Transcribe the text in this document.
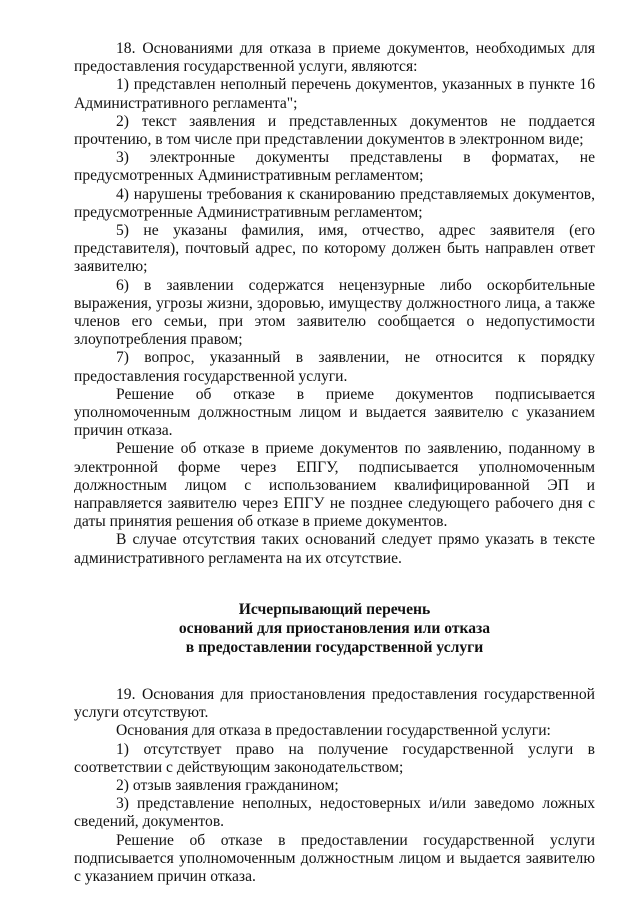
18. Основаниями для отказа в приеме документов, необходимых для предоставления государственной услуги, являются:

1) представлен неполный перечень документов, указанных в пункте 16 Административного регламента";

2) текст заявления и представленных документов не поддается прочтению, в том числе при представлении документов в электронном виде;

3) электронные документы представлены в форматах, не предусмотренных Административным регламентом;

4) нарушены требования к сканированию представляемых документов, предусмотренные Административным регламентом;

5) не указаны фамилия, имя, отчество, адрес заявителя (его представителя), почтовый адрес, по которому должен быть направлен ответ заявителю;

6) в заявлении содержатся нецензурные либо оскорбительные выражения, угрозы жизни, здоровью, имуществу должностного лица, а также членов его семьи, при этом заявителю сообщается о недопустимости злоупотребления правом;

7) вопрос, указанный в заявлении, не относится к порядку предоставления государственной услуги.

Решение об отказе в приеме документов подписывается уполномоченным должностным лицом и выдается заявителю с указанием причин отказа.

Решение об отказе в приеме документов по заявлению, поданному в электронной форме через ЕПГУ, подписывается уполномоченным должностным лицом с использованием квалифицированной ЭП и направляется заявителю через ЕПГУ не позднее следующего рабочего дня с даты принятия решения об отказе в приеме документов.

В случае отсутствия таких оснований следует прямо указать в тексте административного регламента на их отсутствие.

Исчерпывающий перечень
оснований для приостановления или отказа
в предоставлении государственной услуги

19. Основания для приостановления предоставления государственной услуги отсутствуют.

Основания для отказа в предоставлении государственной услуги:

1) отсутствует право на получение государственной услуги в соответствии с действующим законодательством;

2) отзыв заявления гражданином;

3) представление неполных, недостоверных и/или заведомо ложных сведений, документов.

Решение об отказе в предоставлении государственной услуги подписывается уполномоченным должностным лицом и выдается заявителю с указанием причин отказа.
